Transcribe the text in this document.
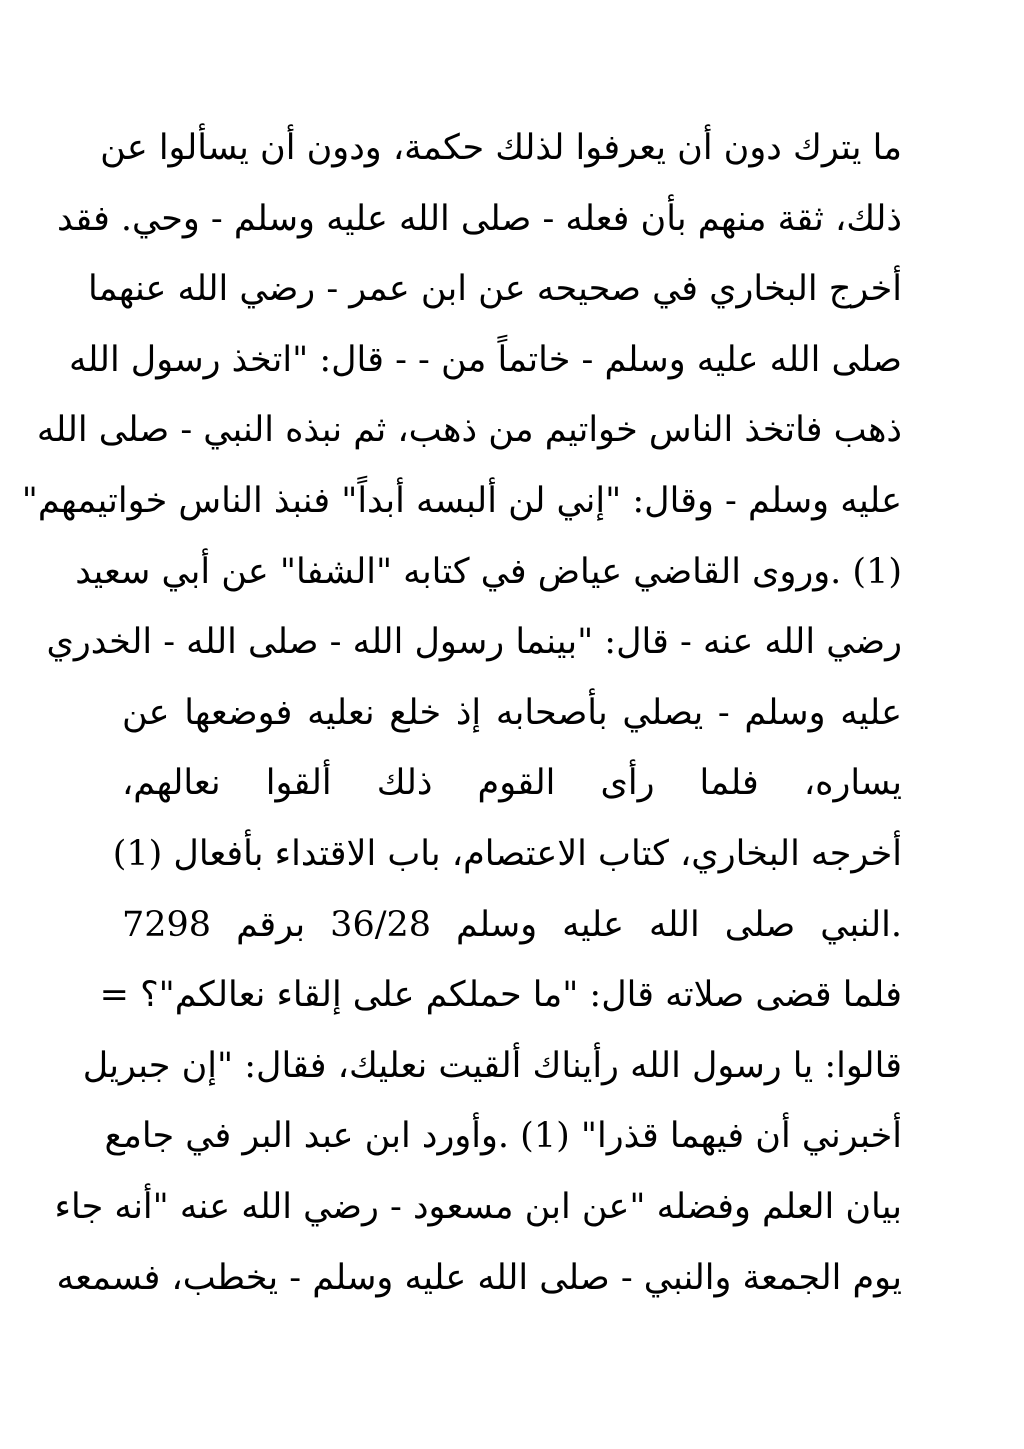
ما يترك دون أن يعرفوا لذلك حكمة، ودون أن يسألوا عن
ذلك، ثقة منهم بأن فعله - صلى الله عليه وسلم - وحي. فقد
أخرج البخاري في صحيحه عن ابن عمر - رضي الله عنهما
صلى الله عليه وسلم - خاتماً من - - قال: "اتخذ رسول الله
ذهب فاتخذ الناس خواتيم من ذهب، ثم نبذه النبي - صلى الله
عليه وسلم - وقال: "إني لن ألبسه أبداً" فنبذ الناس خواتيمهم"
(1) .وروى القاضي عياض في كتابه "الشفا" عن أبي سعيد
رضي الله عنه - قال: "بينما رسول الله - صلى الله - الخدري
عليه وسلم - يصلي بأصحابه إذ خلع نعليه فوضعها عن
يساره، فلما رأى القوم ذلك ألقوا نعالهم،
أخرجه البخاري، كتاب الاعتصام، باب الاقتداء بأفعال (1)
.النبي صلى الله عليه وسلم 36/28 برقم 7298
فلما قضى صلاته قال: "ما حملكم على إلقاء نعالكم"؟ =
قالوا: يا رسول الله رأيناك ألقيت نعليك، فقال: "إن جبريل
أخبرني أن فيهما قذرا" (1) .وأورد ابن عبد البر في جامع
بيان العلم وفضله "عن ابن مسعود - رضي الله عنه "أنه جاء
يوم الجمعة والنبي - صلى الله عليه وسلم - يخطب، فسمعه
